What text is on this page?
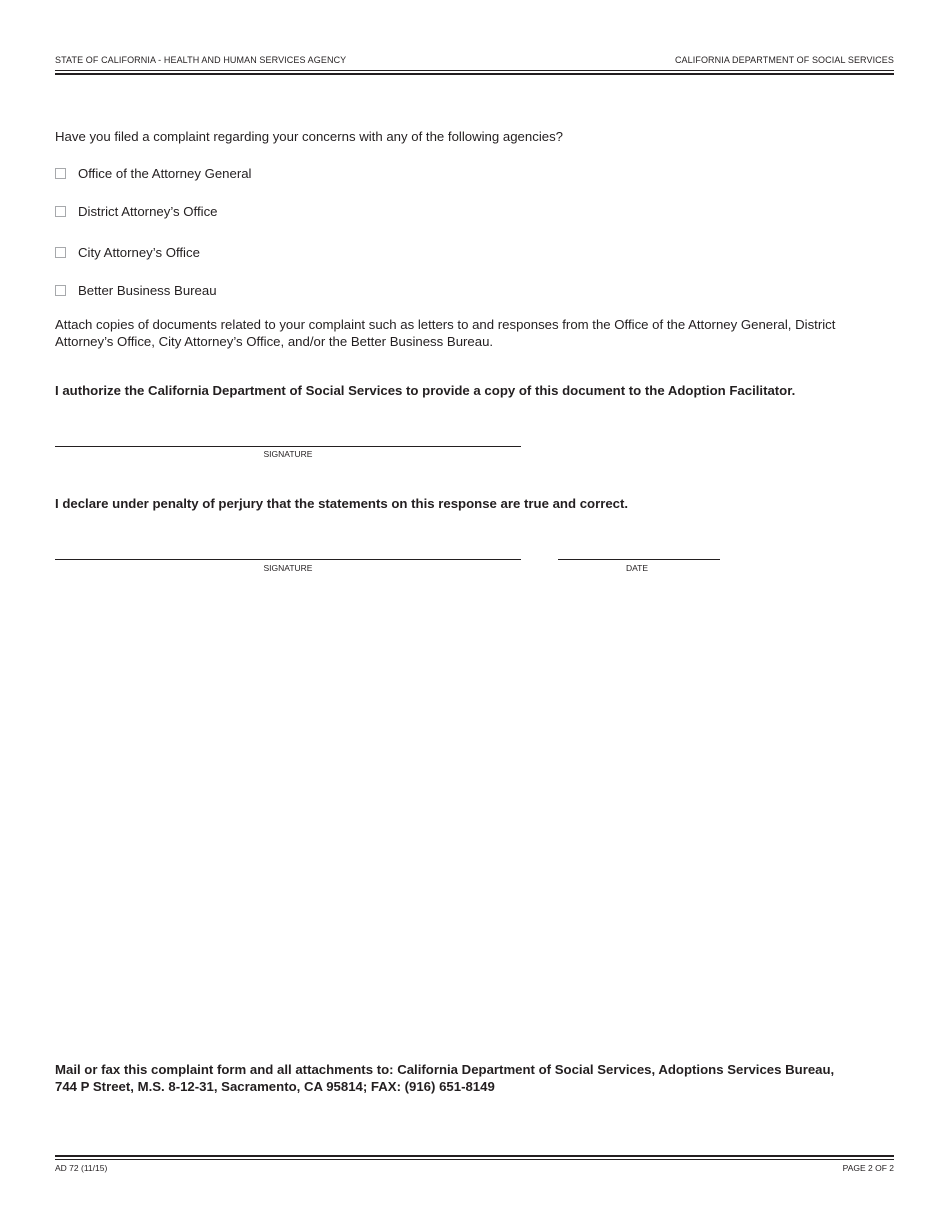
STATE OF CALIFORNIA - HEALTH AND HUMAN SERVICES AGENCY	CALIFORNIA DEPARTMENT OF SOCIAL SERVICES
Have you filed a complaint regarding your concerns with any of the following agencies?
Office of the Attorney General
District Attorney’s Office
City Attorney’s Office
Better Business Bureau
Attach copies of documents related to your complaint such as letters to and responses from the Office of the Attorney General, District Attorney’s Office, City Attorney’s Office, and/or the Better Business Bureau.
I authorize the California Department of Social Services to provide a copy of this document to the Adoption Facilitator.
SIGNATURE
I declare under penalty of perjury that the statements on this response are true and correct.
SIGNATURE	DATE
Mail or fax this complaint form and all attachments to: California Department of Social Services, Adoptions Services Bureau,
744 P Street, M.S. 8-12-31, Sacramento, CA 95814; FAX: (916) 651-8149
AD 72 (11/15)	PAGE 2 OF 2
